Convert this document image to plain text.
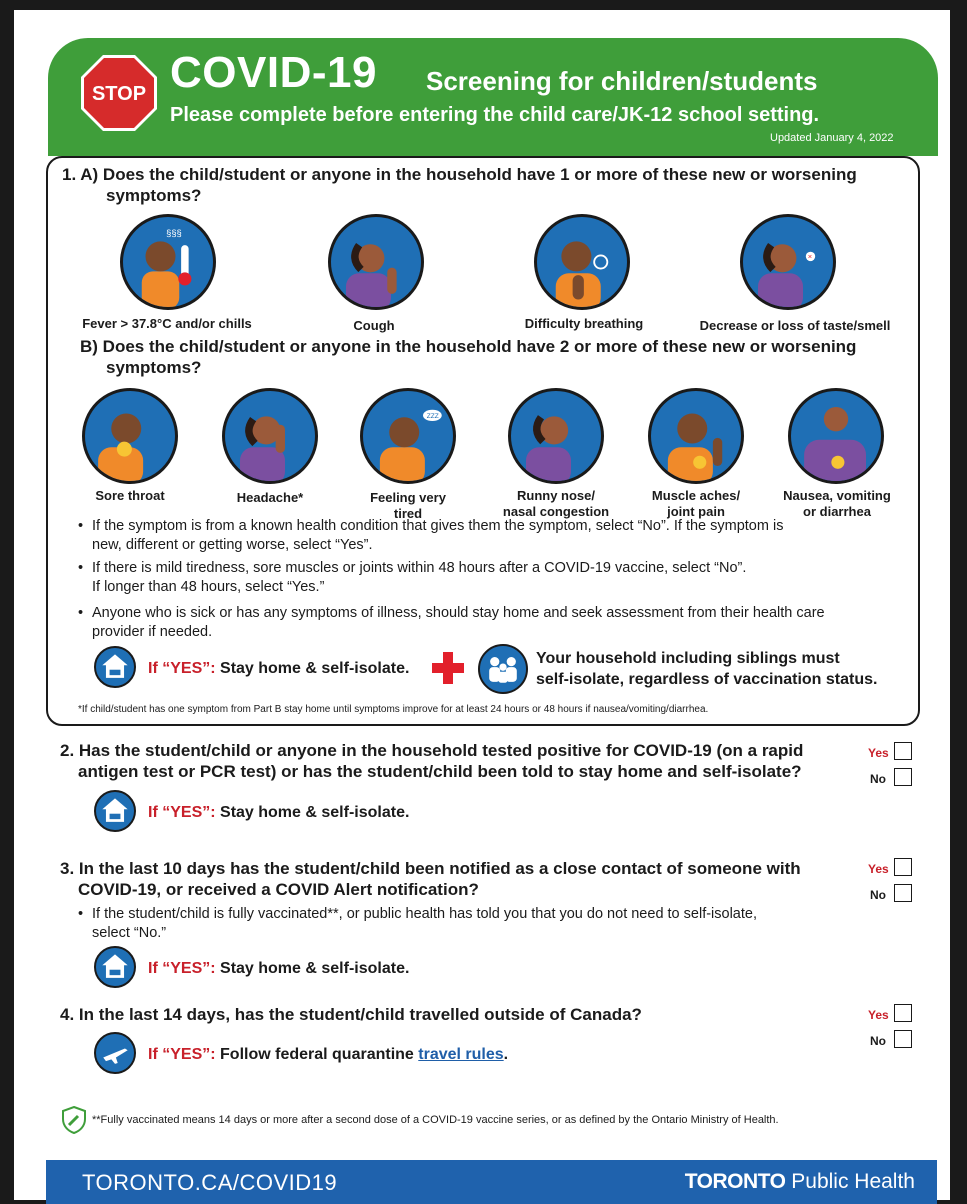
STOP COVID-19 Screening for children/students
Please complete before entering the child care/JK-12 school setting.
Updated January 4, 2022
1. A) Does the child/student or anyone in the household have 1 or more of these new or worsening
symptoms?
§§§
×
Fever > 37.8°C and/or chills	Cough	Difficulty breathing	Decrease or loss of taste/smell
B) Does the child/student or anyone in the household have 2 or more of these new or worsening
symptoms?
ZZZ
Sore throat	Headache*	Feeling very
tired
Runny nose/
nasal congestion
Muscle aches/
joint pain
Nausea, vomiting
or diarrhea
• If the symptom is from a known health condition that gives them the symptom, select “No”. If the symptom is
new, different or getting worse, select “Yes”.
• If there is mild tiredness, sore muscles or joints within 48 hours after a COVID-19 vaccine, select “No”.
If longer than 48 hours, select “Yes.”
• Anyone who is sick or has any symptoms of illness, should stay home and seek assessment from their health care
provider if needed.
If “YES”: Stay home & self-isolate.
Your household including siblings must
self-isolate, regardless of vaccination status.
*If child/student has one symptom from Part B stay home until symptoms improve for at least 24 hours or 48 hours if nausea/vomiting/diarrhea.
2. Has the student/child or anyone in the household tested positive for COVID-19 (on a rapid
antigen test or PCR test) or has the student/child been told to stay home and self-isolate?
Yes
No
If “YES”: Stay home & self-isolate.
3. In the last 10 days has the student/child been notified as a close contact of someone with
COVID-19, or received a COVID Alert notification?
Yes
No
• If the student/child is fully vaccinated**, or public health has told you that you do not need to self-isolate,
select “No.”
If “YES”: Stay home & self-isolate.
4. In the last 14 days, has the student/child travelled outside of Canada?	Yes
No
If “YES”: Follow federal quarantine travel rules.
**Fully vaccinated means 14 days or more after a second dose of a COVID-19 vaccine series, or as defined by the Ontario Ministry of Health.
TORONTO.CA/COVID19	TORONTO Public Health
